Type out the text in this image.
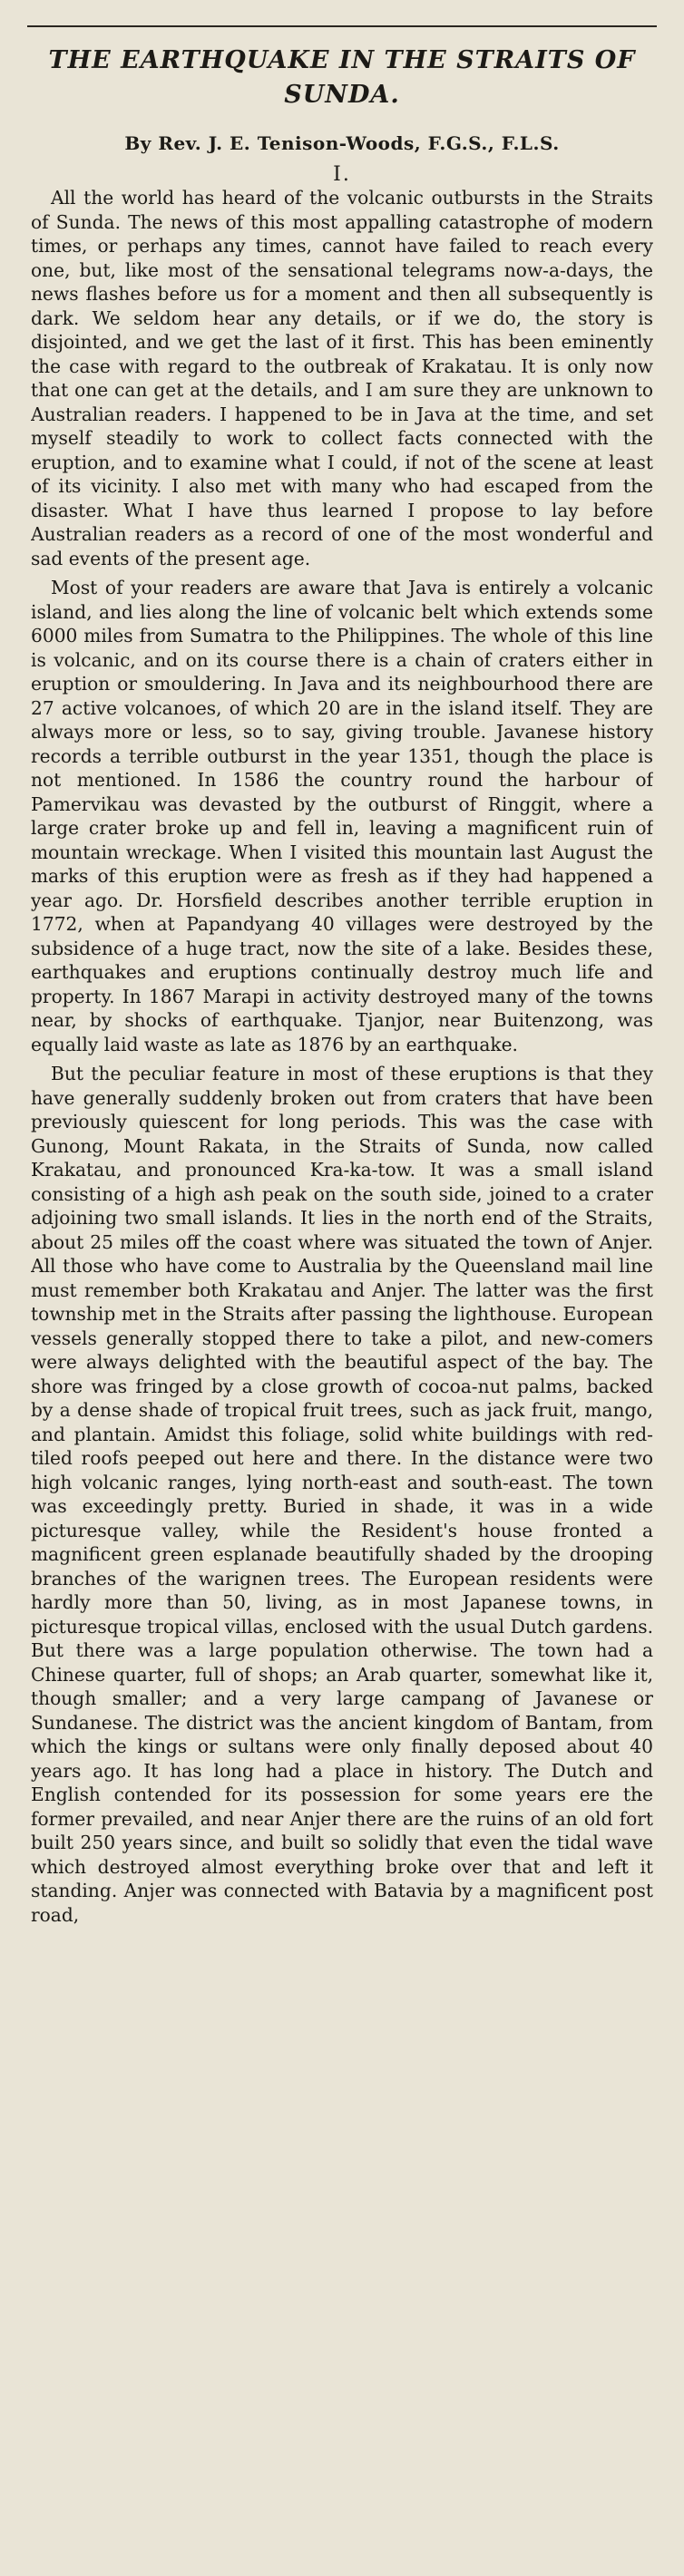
THE EARTHQUAKE IN THE STRAITS OF SUNDA.
By Rev. J. E. Tenison-Woods, F.G.S., F.L.S.
I.

All the world has heard of the volcanic outbursts in the Straits of Sunda. The news of this most appalling catastrophe of modern times, or perhaps any times, cannot have failed to reach every one, but, like most of the sensational telegrams now-a-days, the news flashes before us for a moment and then all subsequently is dark. We seldom hear any details, or if we do, the story is disjointed, and we get the last of it first. This has been eminently the case with regard to the outbreak of Krakatau. It is only now that one can get at the details, and I am sure they are unknown to Australian readers. I happened to be in Java at the time, and set myself steadily to work to collect facts connected with the eruption, and to examine what I could, if not of the scene at least of its vicinity. I also met with many who had escaped from the disaster. What I have thus learned I propose to lay before Australian readers as a record of one of the most wonderful and sad events of the present age.

Most of your readers are aware that Java is entirely a volcanic island, and lies along the line of volcanic belt which extends some 6000 miles from Sumatra to the Philippines. The whole of this line is volcanic, and on its course there is a chain of craters either in eruption or smouldering. In Java and its neighbourhood there are 27 active volcanoes, of which 20 are in the island itself. They are always more or less, so to say, giving trouble. Javanese history records a terrible outburst in the year 1351, though the place is not mentioned. In 1586 the country round the harbour of Pamervikau was devasted by the outburst of Ringgit, where a large crater broke up and fell in, leaving a magnificent ruin of mountain wreckage. When I visited this mountain last August the marks of this eruption were as fresh as if they had happened a year ago. Dr. Horsfield describes another terrible eruption in 1772, when at Papandyang 40 villages were destroyed by the subsidence of a huge tract, now the site of a lake. Besides these, earthquakes and eruptions continually destroy much life and property. In 1867 Marapi in activity destroyed many of the towns near, by shocks of earthquake. Tjanjor, near Buitenzong, was equally laid waste as late as 1876 by an earthquake.

But the peculiar feature in most of these eruptions is that they have generally suddenly broken out from craters that have been previously quiescent for long periods. This was the case with Gunong, Mount Rakata, in the Straits of Sunda, now called Krakatau, and pronounced Kra-ka-tow. It was a small island consisting of a high ash peak on the south side, joined to a crater adjoining two small islands. It lies in the north end of the Straits, about 25 miles off the coast where was situated the town of Anjer. All those who have come to Australia by the Queensland mail line must remember both Krakatau and Anjer. The latter was the first township met in the Straits after passing the lighthouse. European vessels generally stopped there to take a pilot, and new-comers were always delighted with the beautiful aspect of the bay. The shore was fringed by a close growth of cocoa-nut palms, backed by a dense shade of tropical fruit trees, such as jack fruit, mango, and plantain. Amidst this foliage, solid white buildings with red-tiled roofs peeped out here and there. In the distance were two high volcanic ranges, lying north-east and south-east. The town was exceedingly pretty. Buried in shade, it was in a wide picturesque valley, while the Resident's house fronted a magnificent green esplanade beautifully shaded by the drooping branches of the warignen trees. The European residents were hardly more than 50, living, as in most Japanese towns, in picturesque tropical villas, enclosed with the usual Dutch gardens. But there was a large population otherwise. The town had a Chinese quarter, full of shops; an Arab quarter, somewhat like it, though smaller; and a very large campang of Javanese or Sundanese. The district was the ancient kingdom of Bantam, from which the kings or sultans were only finally deposed about 40 years ago. It has long had a place in history. The Dutch and English contended for its possession for some years ere the former prevailed, and near Anjer there are the ruins of an old fort built 250 years since, and built so solidly that even the tidal wave which destroyed almost everything broke over that and left it standing. Anjer was connected with Batavia by a magnificent post road,
